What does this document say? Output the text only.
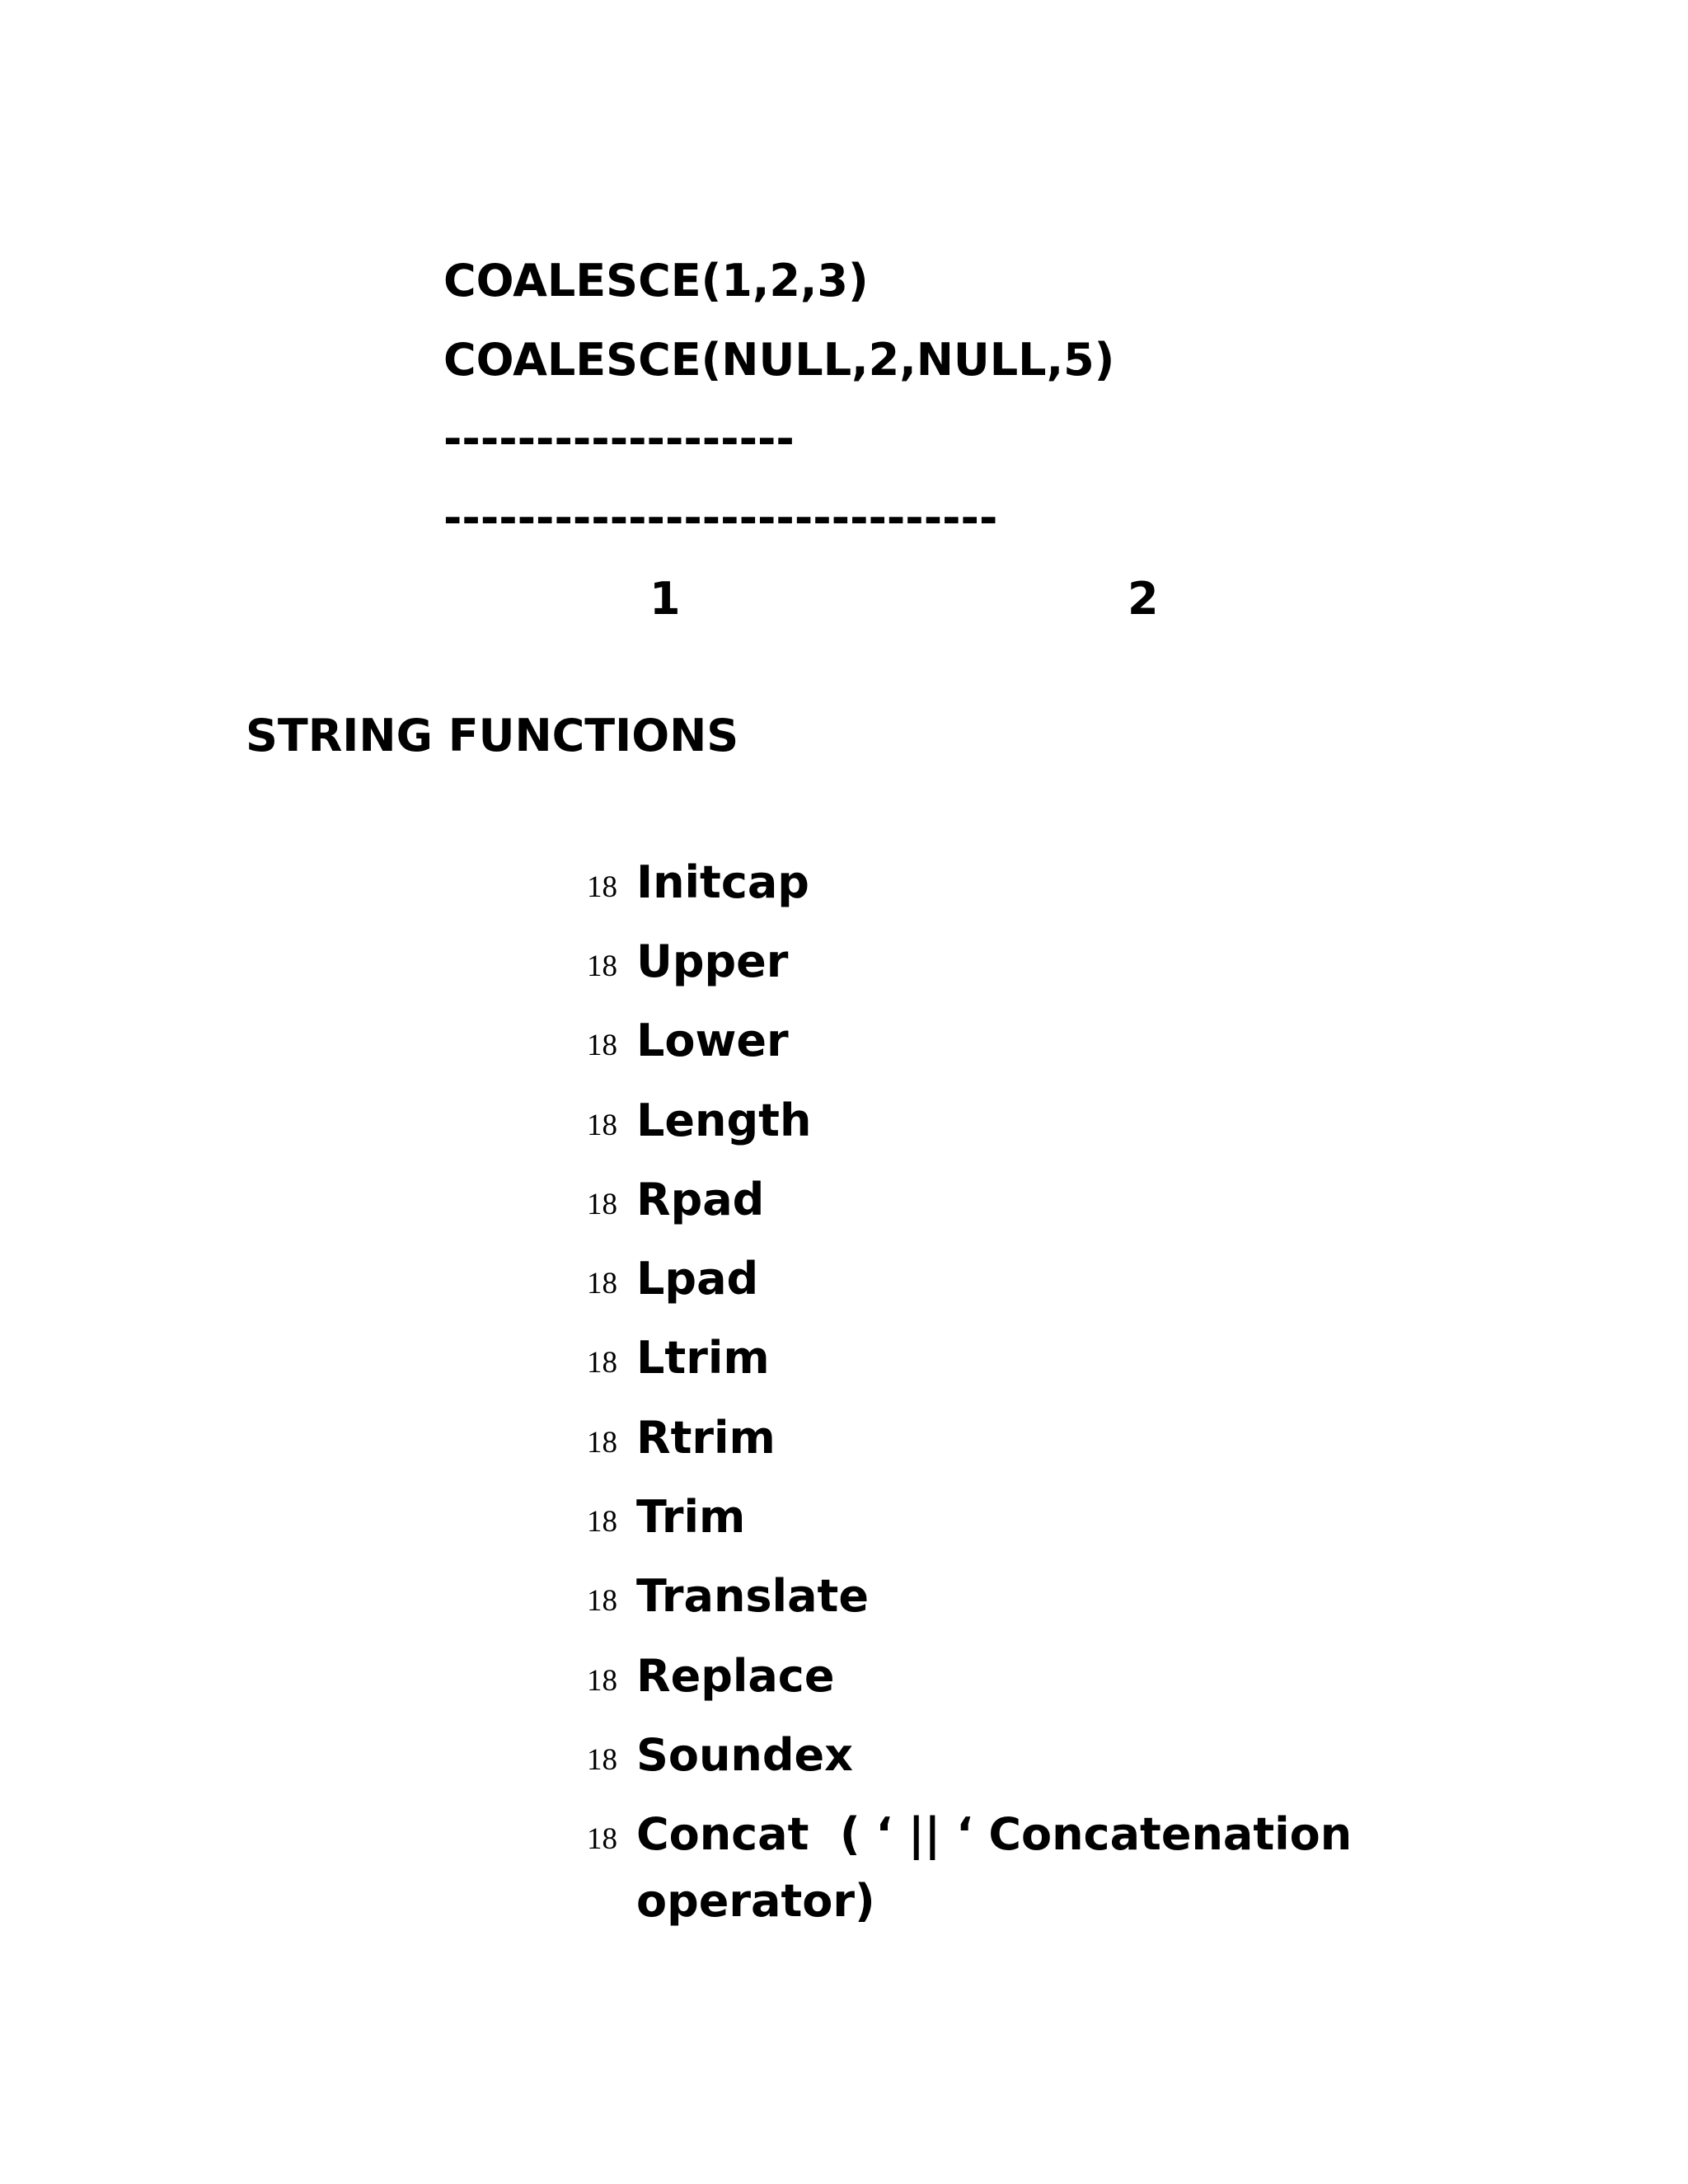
COALESCE(1,2,3)
COALESCE(NULL,2,NULL,5)
-------------------
------------------------------
1	2
STRING FUNCTIONS
18 Initcap
18 Upper
18 Lower
18 Length
18 Rpad
18 Lpad
18 Ltrim
18 Rtrim
18 Trim
18 Translate
18 Replace
18 Soundex
18 Concat  ( ‘ || ‘ Concatenation
operator)
